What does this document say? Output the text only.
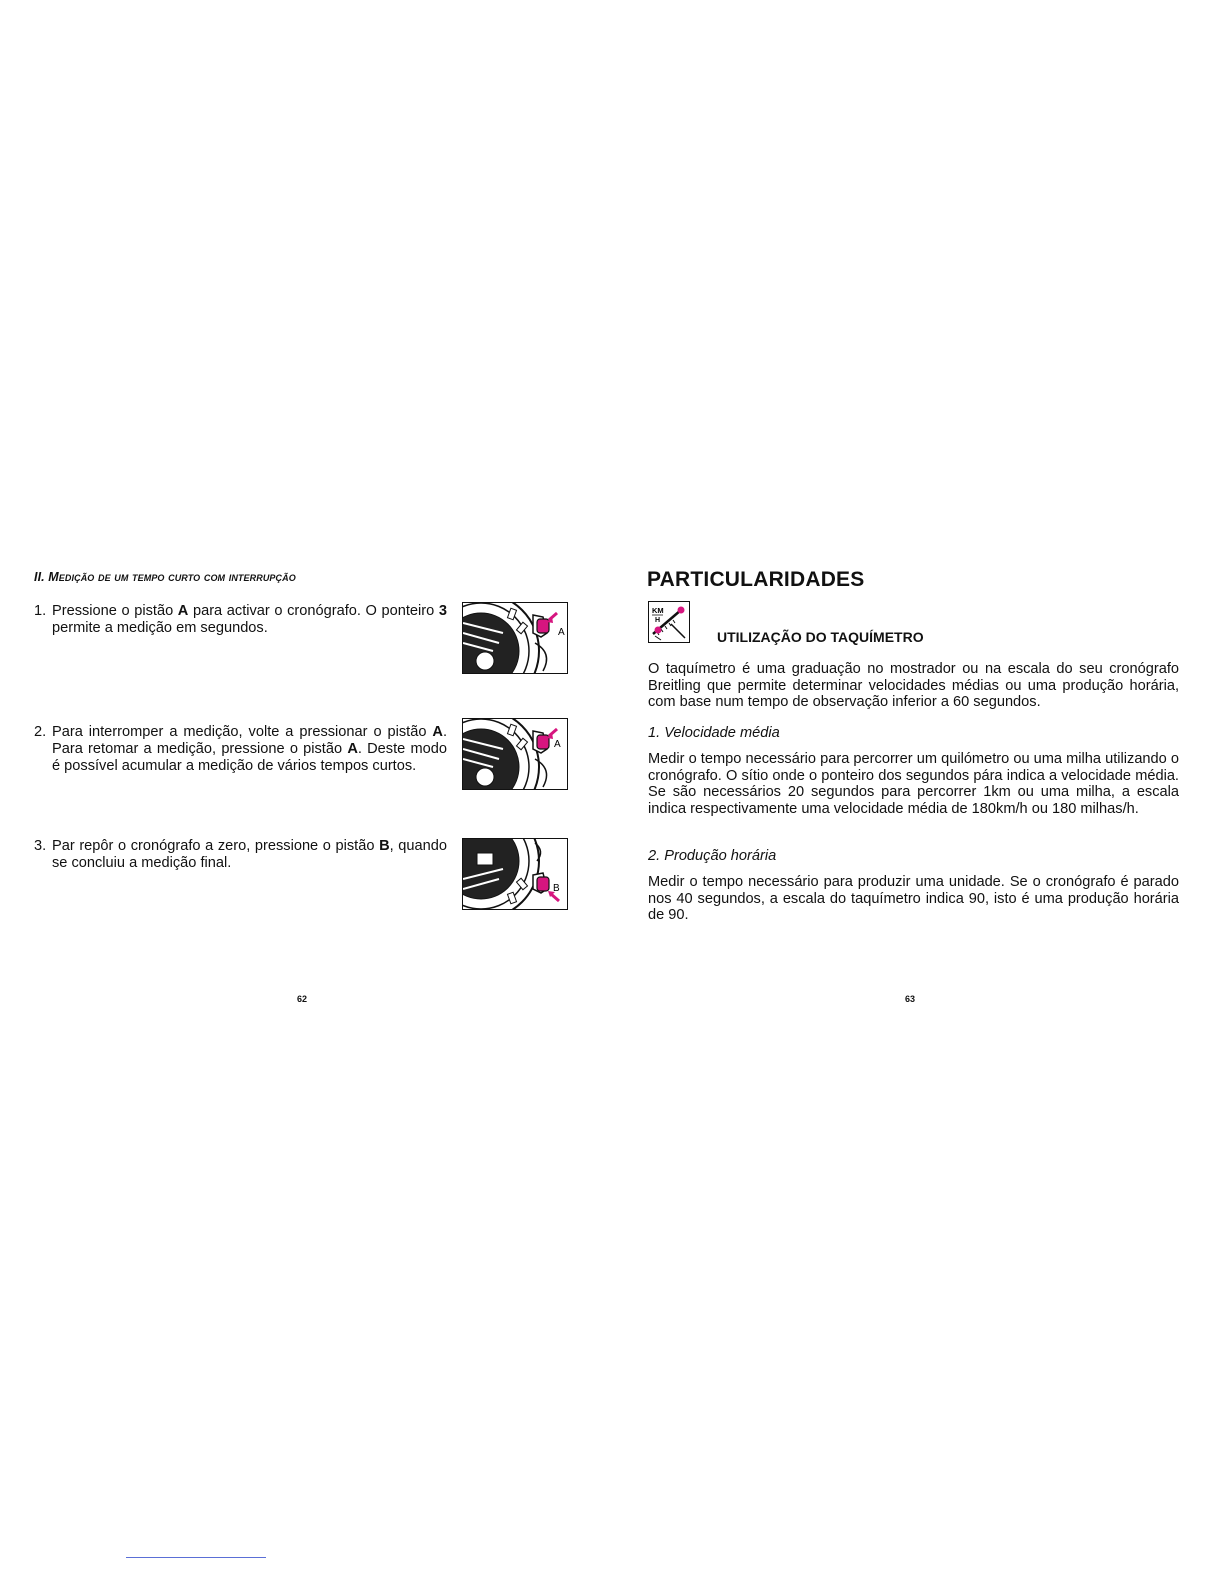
II. Medição de um tempo curto com interrupção
1. Pressione o pistão A para activar o cronógrafo. O ponteiro 3 permite a medição em segundos.
2. Para interromper a medição, volte a pressionar o pistão A. Para retomar a medição, pressione o pistão A. Deste modo é possível acumular a medição de vários tempos curtos.
3. Par repôr o cronógrafo a zero, pressione o pistão B, quando se concluiu a medição final.
A
A
B
62
PARTICULARIDADES
KM
H
UTILIZAÇÃO DO TAQUÍMETRO
O taquímetro é uma graduação no mostrador ou na escala do seu cronógrafo Breitling que permite determinar velocidades médias ou uma produção horária, com base num tempo de observação inferior a 60 segundos.
1. Velocidade média
Medir o tempo necessário para percorrer um quilómetro ou uma milha utilizando o cronógrafo. O sítio onde o ponteiro dos segundos pára indica a velocidade média. Se são necessários 20 segundos para percorrer 1km ou uma milha, a escala indica respectivamente uma velocidade média de 180km/h ou 180 milhas/h.
2. Produção horária
Medir o tempo necessário para produzir uma unidade. Se o cronógrafo é parado nos 40 segundos, a escala do taquímetro indica 90, isto é uma produção horária de 90.
63
